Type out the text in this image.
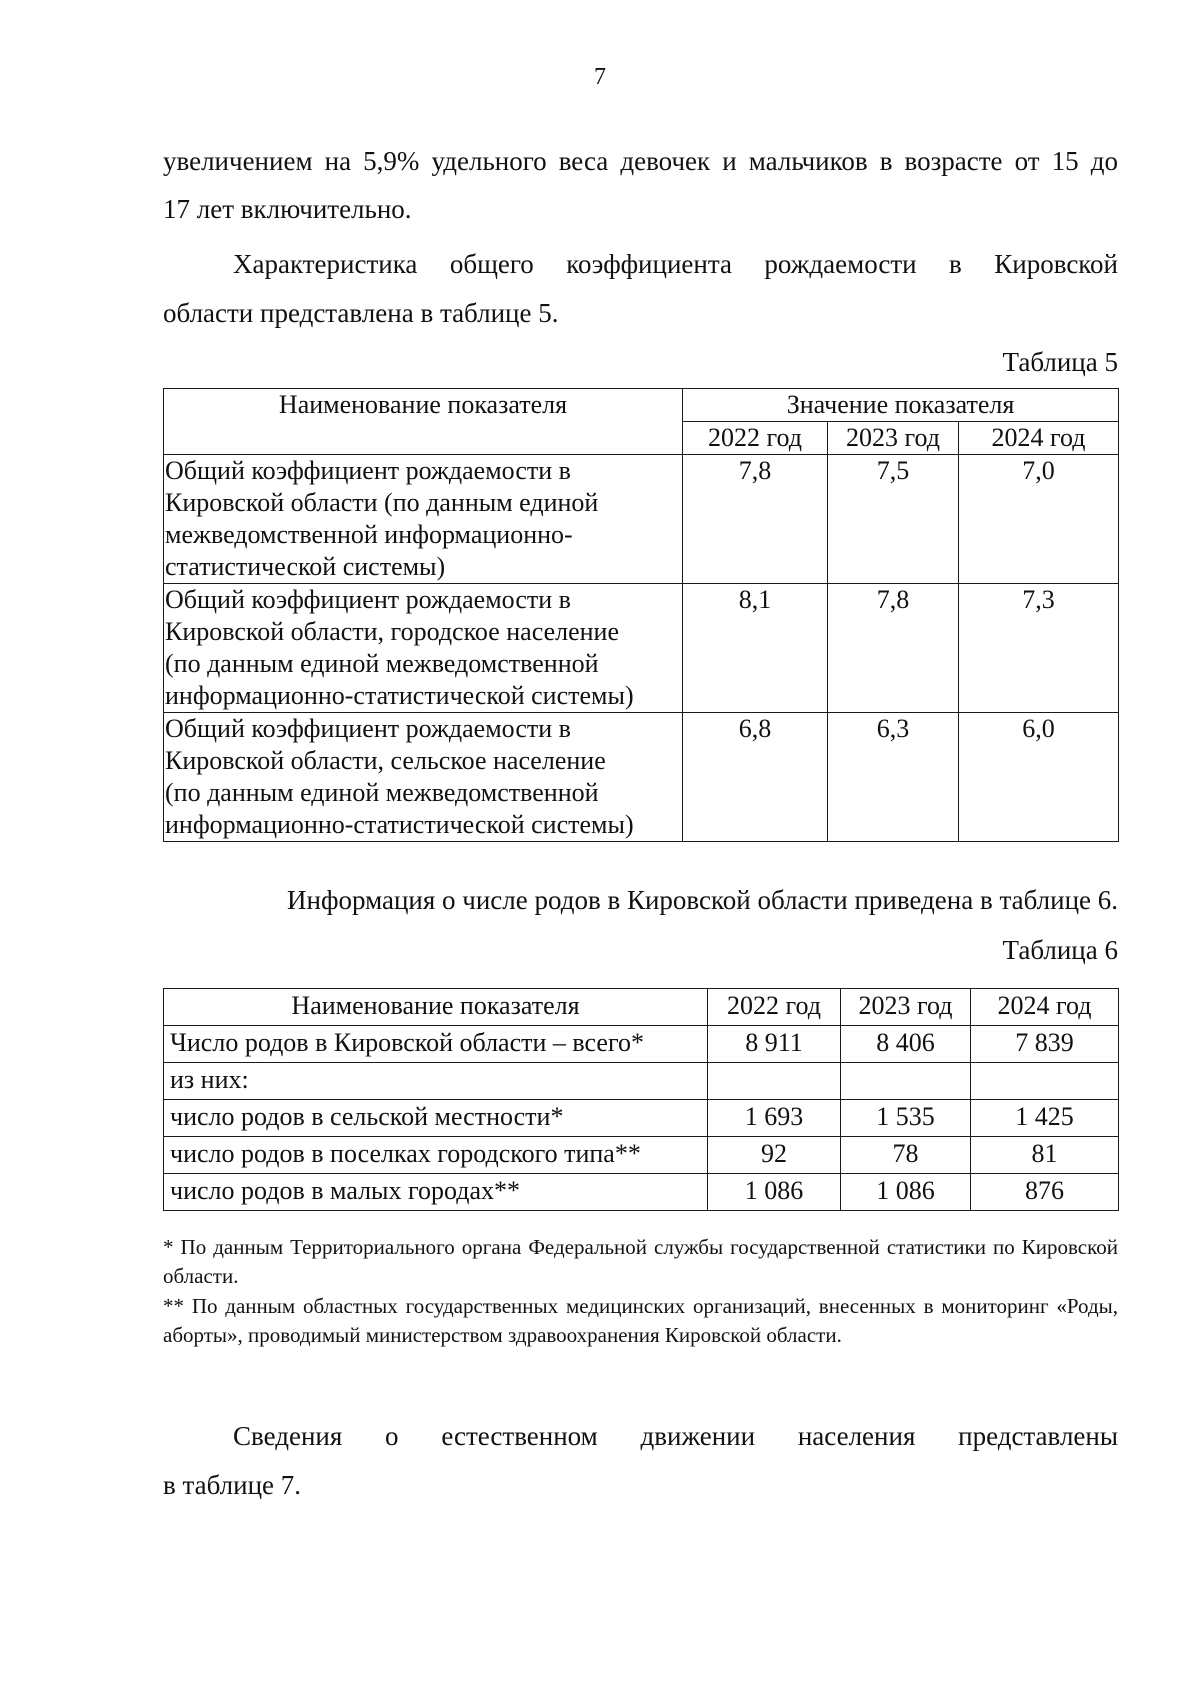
7
увеличением на 5,9% удельного веса девочек и мальчиков в возрасте от 15 до
17 лет включительно.
Характеристика общего коэффициента рождаемости в Кировской
области представлена в таблице 5.
Таблица 5
Наименование показателя	Значение показателя		
	2022 год	2023 год	2024 год

Общий коэффициент рождаемости в
Кировской области (по данным единой
межведомственной информационно-
статистической системы)	7,8	7,5	7,0

Общий коэффициент рождаемости в
Кировской области, городское население
(по данным единой межведомственной
информационно-статистической системы)	8,1	7,8	7,3

Общий коэффициент рождаемости в
Кировской области, сельское население
(по данным единой межведомственной
информационно-статистической системы)	6,8	6,3	6,0
Информация о числе родов в Кировской области приведена в таблице 6.
Таблица 6
Наименование показателя	2022 год	2023 год	2024 год
Число родов в Кировской области – всего*	8 911	8 406	7 839
из них:			
число родов в сельской местности*	1 693	1 535	1 425
число родов в поселках городского типа**	92	78	81
число родов в малых городах**	1 086	1 086	876
* По данным Территориального органа Федеральной службы государственной статистики по Кировской области.
** По данным областных государственных медицинских организаций, внесенных в мониторинг «Роды, аборты», проводимый министерством здравоохранения Кировской области.
Сведения о естественном движении населения представлены
в таблице 7.
